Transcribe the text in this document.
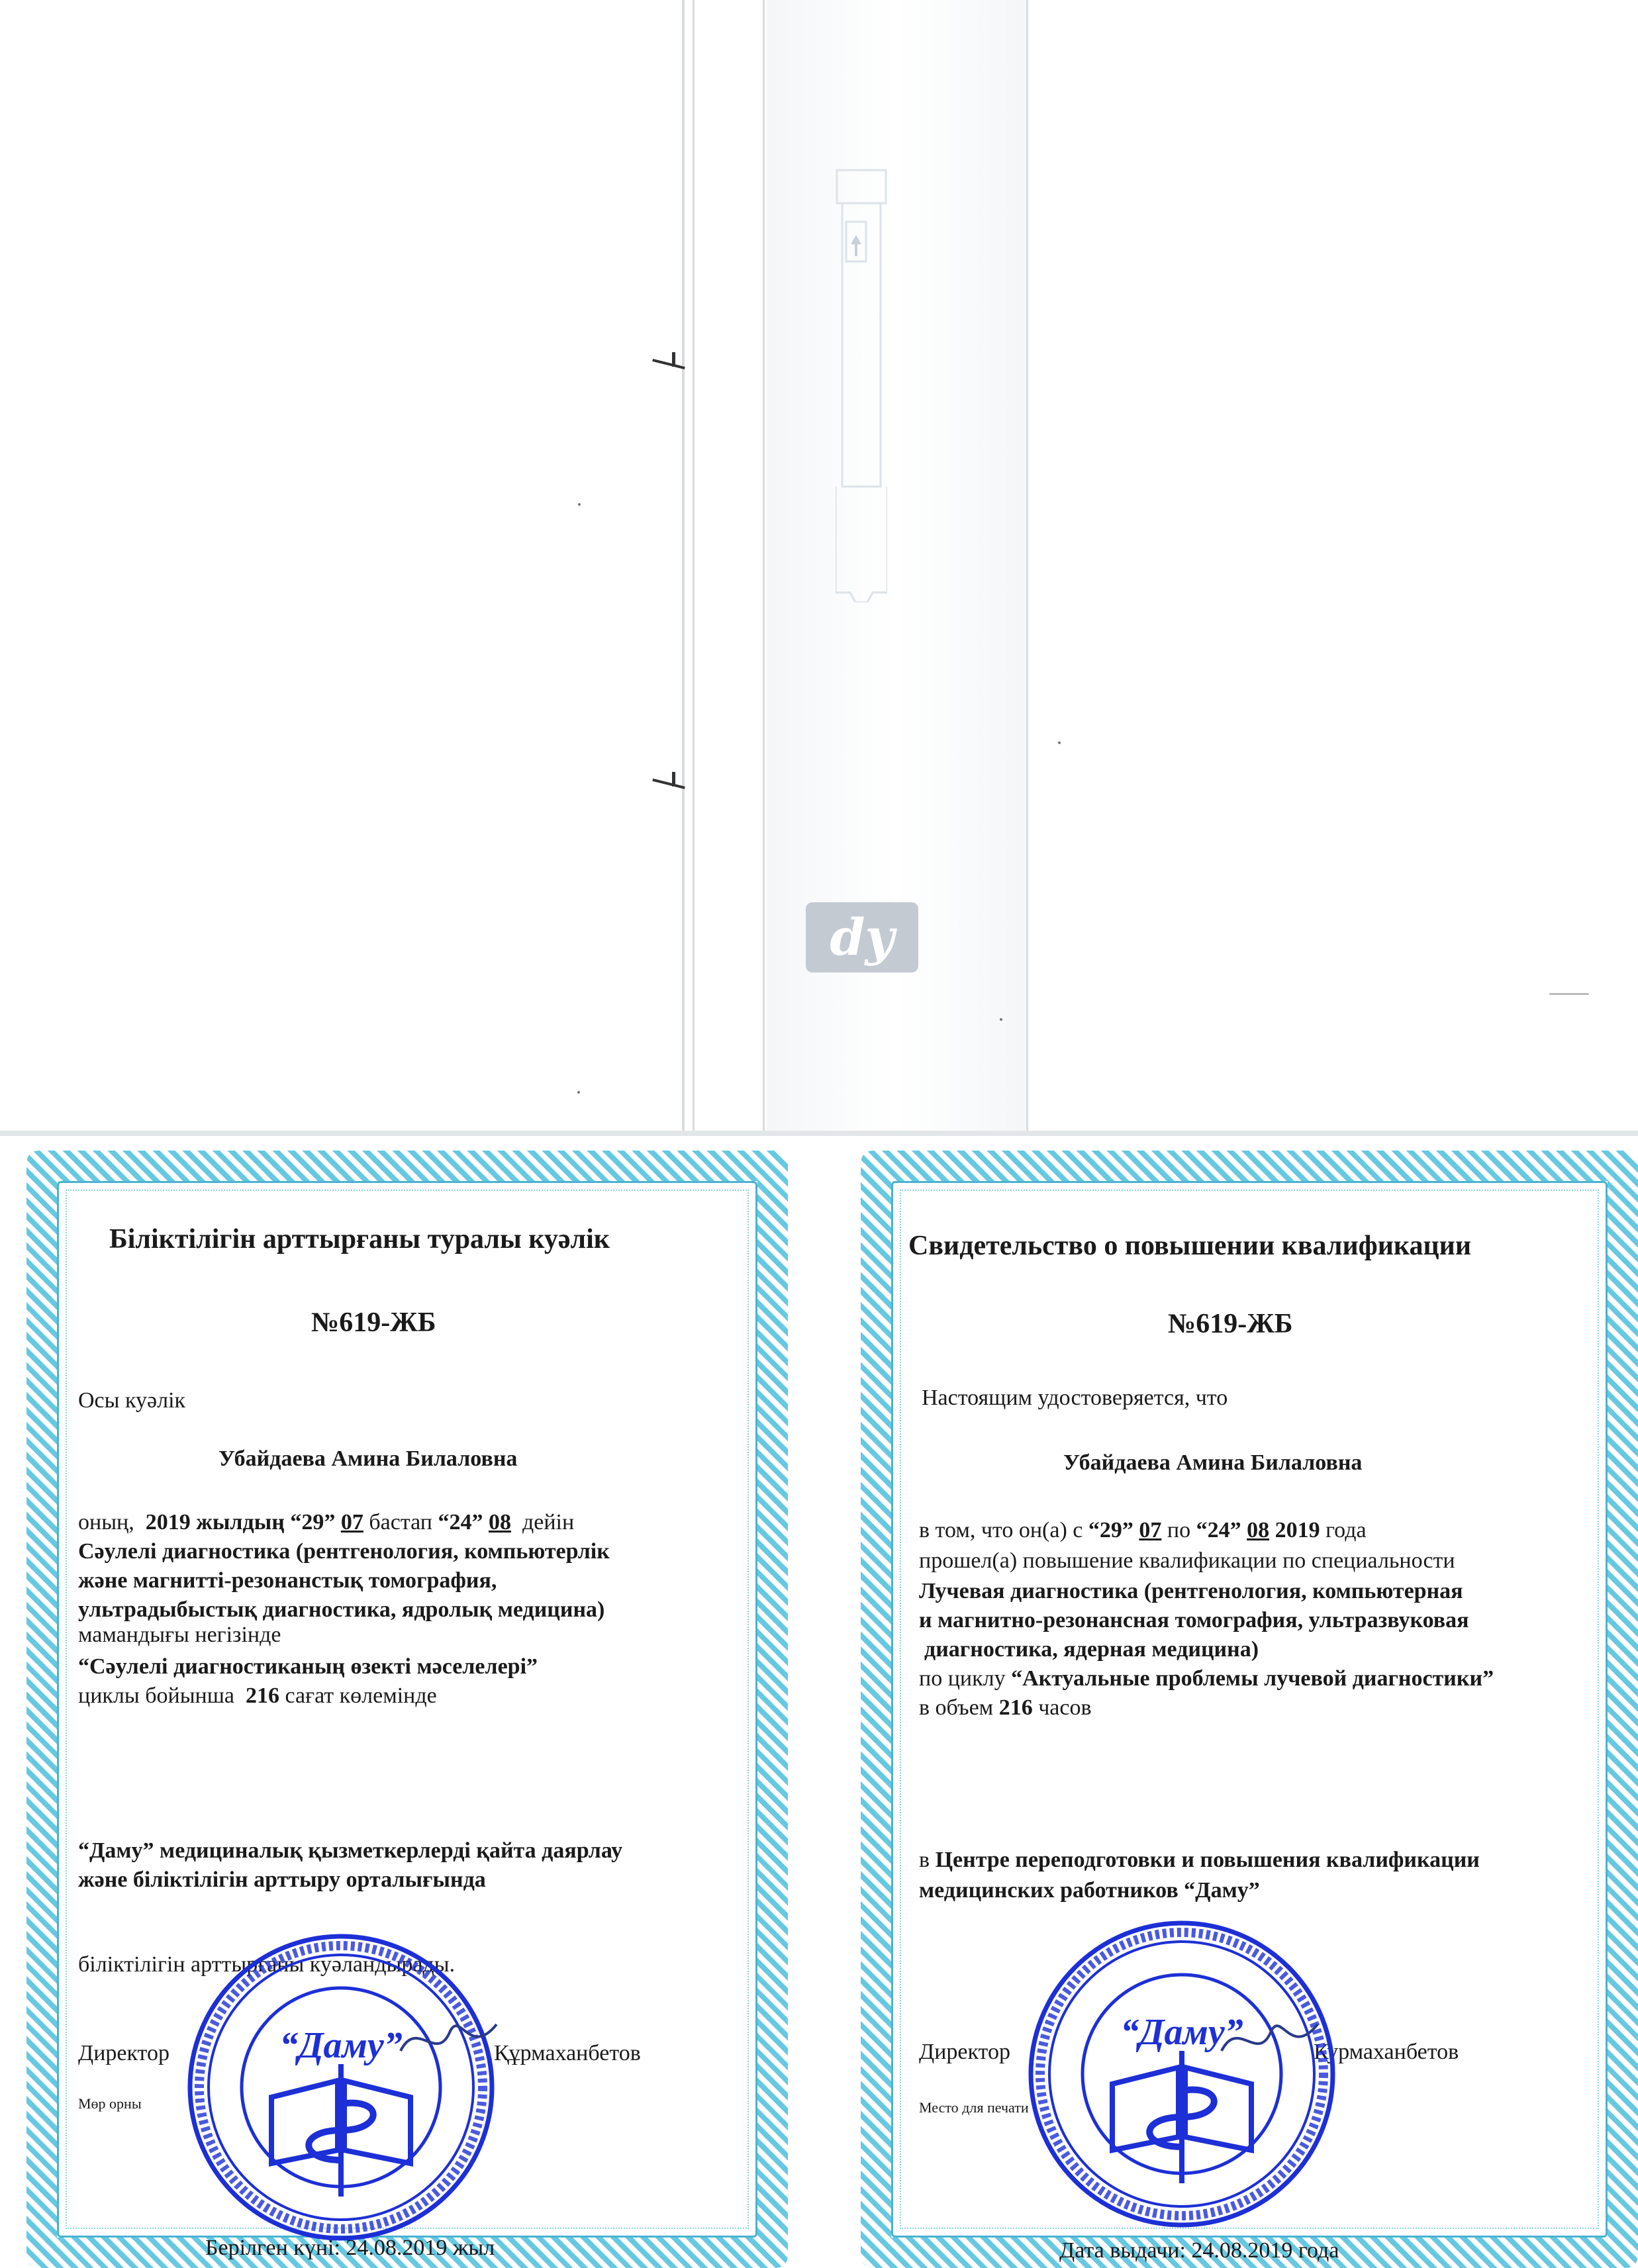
dy
Біліктілігін арттырғаны туралы куәлік
№619-ЖБ
Осы куәлік
Убайдаева Амина Билаловна
оның, 2019 жылдың “29” 07 бастап “24” 08 дейін
Сәулелі диагностика (рентгенология, компьютерлік
және магнитті-резонанстық томография,
ультрадыбыстық диагностика, ядролық медицина)
мамандығы негізінде
“Сәулелі диагностиканың өзекті мәселелері”
циклы бойынша 216 сағат көлемінде
“Даму” медициналық қызметкерлерді қайта даярлау
және біліктілігін арттыру орталығында
біліктілігін арттырғаны куәландырады.
Директор	Құрмаханбетов
Мөр орны
Берілген күні: 24.08.2019 жыл
“Даму”
Свидетельство о повышении квалификации
№619-ЖБ
Настоящим удостоверяется, что
Убайдаева Амина Билаловна
в том, что он(а) с “29” 07 по “24” 08 2019 года
прошел(а) повышение квалификации по специальности
Лучевая диагностика (рентгенология, компьютерная
и магнитно-резонансная томография, ультразвуковая
диагностика, ядерная медицина)
по циклу “Актуальные проблемы лучевой диагностики”
в объем 216 часов
в Центре переподготовки и повышения квалификации
медицинских работников “Даму”
Директор	Курмаханбетов
Место для печати
Дата выдачи: 24.08.2019 года
“Даму”
